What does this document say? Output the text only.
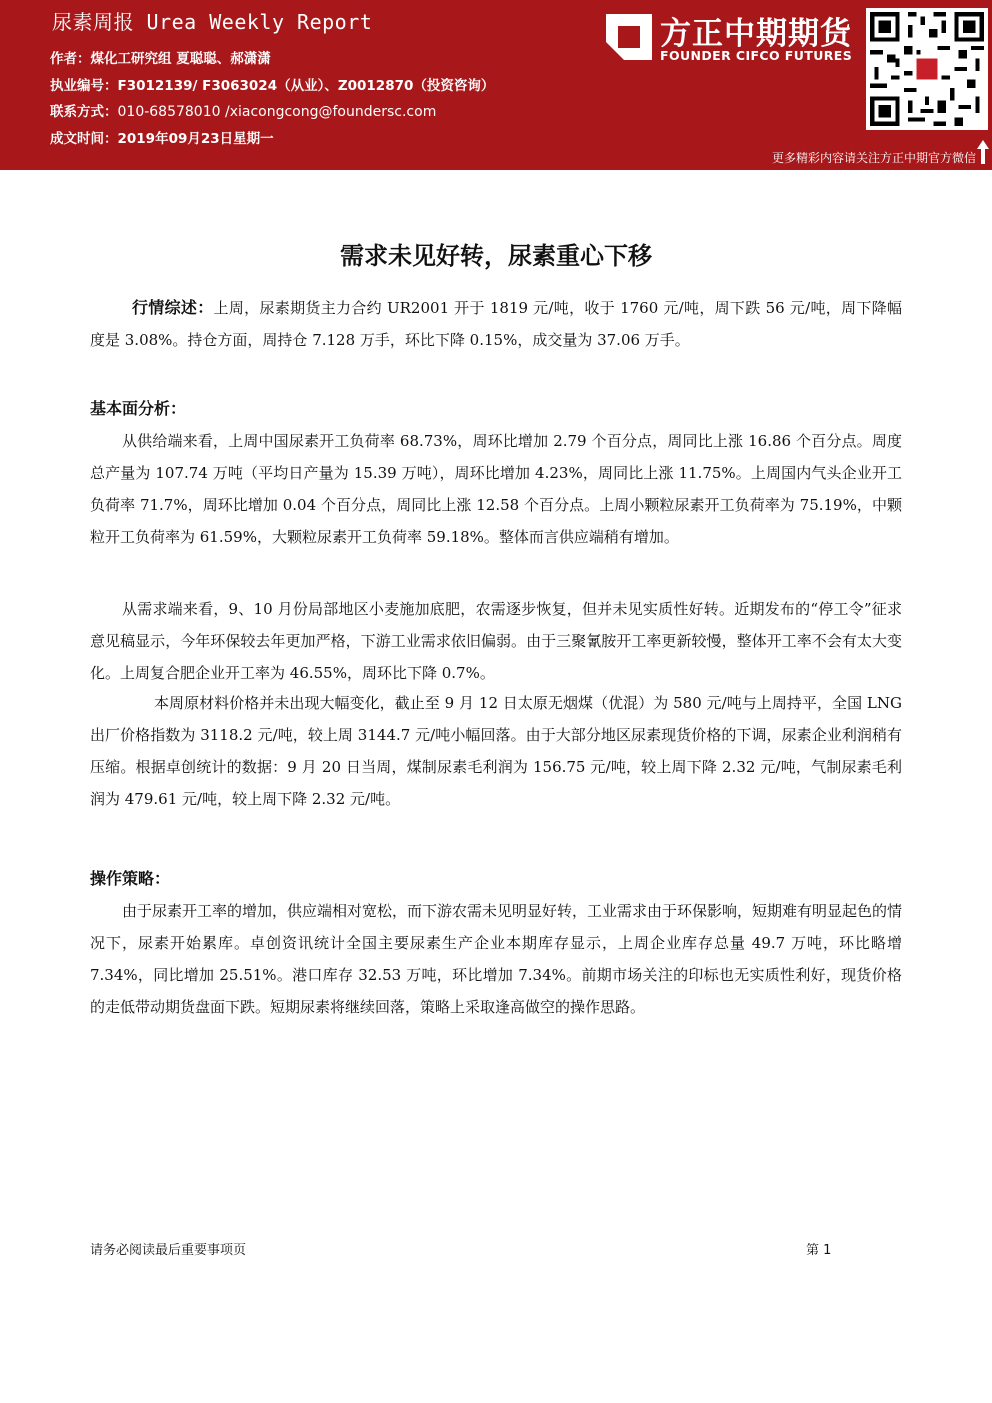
尿素周报 Urea Weekly Report
作者：煤化工研究组 夏聪聪、郝潇潇
执业编号：F3012139/ F3063024（从业）、Z0012870（投资咨询）
联系方式：010-68578010 /xiacongcong@foundersc.com
成文时间：2019年09月23日星期一
方正中期期货
FOUNDER CIFCO FUTURES
更多精彩内容请关注方正中期官方微信
需求未见好转，尿素重心下移
行情综述：上周，尿素期货主力合约 UR2001 开于 1819 元/吨，收于 1760 元/吨，周下跌 56 元/吨，周下降幅度是 3.08%。持仓方面，周持仓 7.128 万手，环比下降 0.15%，成交量为 37.06 万手。
基本面分析：
从供给端来看，上周中国尿素开工负荷率 68.73%，周环比增加 2.79 个百分点，周同比上涨 16.86 个百分点。周度总产量为 107.74 万吨（平均日产量为 15.39 万吨），周环比增加 4.23%，周同比上涨 11.75%。上周国内气头企业开工负荷率 71.7%，周环比增加 0.04 个百分点，周同比上涨 12.58 个百分点。上周小颗粒尿素开工负荷率为 75.19%，中颗粒开工负荷率为 61.59%，大颗粒尿素开工负荷率 59.18%。整体而言供应端稍有增加。
从需求端来看，9、10 月份局部地区小麦施加底肥，农需逐步恢复，但并未见实质性好转。近期发布的“停工令”征求意见稿显示，今年环保较去年更加严格，下游工业需求依旧偏弱。由于三聚氰胺开工率更新较慢，整体开工率不会有太大变化。上周复合肥企业开工率为 46.55%，周环比下降 0.7%。
本周原材料价格并未出现大幅变化，截止至 9 月 12 日太原无烟煤（优混）为 580 元/吨与上周持平，全国 LNG 出厂价格指数为 3118.2 元/吨，较上周 3144.7 元/吨小幅回落。由于大部分地区尿素现货价格的下调，尿素企业利润稍有压缩。根据卓创统计的数据：9 月 20 日当周，煤制尿素毛利润为 156.75 元/吨，较上周下降 2.32 元/吨，气制尿素毛利润为 479.61 元/吨，较上周下降 2.32 元/吨。
操作策略：
由于尿素开工率的增加，供应端相对宽松，而下游农需未见明显好转，工业需求由于环保影响，短期难有明显起色的情况下，尿素开始累库。卓创资讯统计全国主要尿素生产企业本期库存显示，上周企业库存总量 49.7 万吨，环比略增 7.34%，同比增加 25.51%。港口库存 32.53 万吨，环比增加 7.34%。前期市场关注的印标也无实质性利好，现货价格的走低带动期货盘面下跌。短期尿素将继续回落，策略上采取逢高做空的操作思路。
请务必阅读最后重要事项页	第 1
